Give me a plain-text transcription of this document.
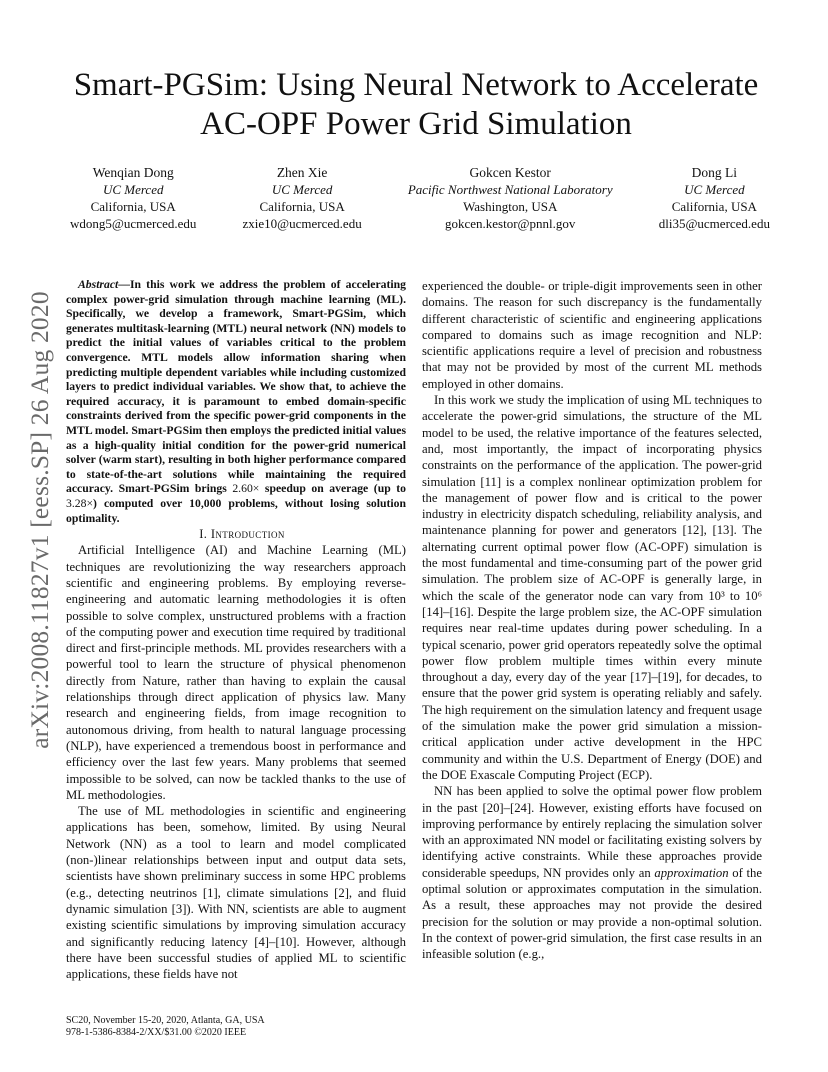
arXiv:2008.11827v1 [eess.SP] 26 Aug 2020
Smart-PGSim: Using Neural Network to Accelerate
AC-OPF Power Grid Simulation
Wenqian Dong
UC Merced
California, USA
wdong5@ucmerced.edu
Zhen Xie
UC Merced
California, USA
zxie10@ucmerced.edu
Gokcen Kestor
Pacific Northwest National Laboratory
Washington, USA
gokcen.kestor@pnnl.gov
Dong Li
UC Merced
California, USA
dli35@ucmerced.edu

Abstract—In this work we address the problem of accelerating complex power-grid simulation through machine learning (ML). Specifically, we develop a framework, Smart-PGSim, which generates multitask-learning (MTL) neural network (NN) models to predict the initial values of variables critical to the problem convergence. MTL models allow information sharing when predicting multiple dependent variables while including customized layers to predict individual variables. We show that, to achieve the required accuracy, it is paramount to embed domain-specific constraints derived from the specific power-grid components in the MTL model. Smart-PGSim then employs the predicted initial values as a high-quality initial condition for the power-grid numerical solver (warm start), resulting in both higher performance compared to state-of-the-art solutions while maintaining the required accuracy. Smart-PGSim brings 2.60× speedup on average (up to 3.28×) computed over 10,000 problems, without losing solution optimality.

I. Introduction

Artificial Intelligence (AI) and Machine Learning (ML) techniques are revolutionizing the way researchers approach scientific and engineering problems. By employing reverse-engineering and automatic learning methodologies it is often possible to solve complex, unstructured problems with a fraction of the computing power and execution time required by traditional direct and first-principle methods. ML provides researchers with a powerful tool to learn the structure of physical phenomenon directly from Nature, rather than having to explain the causal relationships through direct application of physics law. Many research and engineering fields, from image recognition to autonomous driving, from health to natural language processing (NLP), have experienced a tremendous boost in performance and efficiency over the last few years. Many problems that seemed impossible to be solved, can now be tackled thanks to the use of ML methodologies.

The use of ML methodologies in scientific and engineering applications has been, somehow, limited. By using Neural Network (NN) as a tool to learn and model complicated (non-)linear relationships between input and output data sets, scientists have shown preliminary success in some HPC problems (e.g., detecting neutrinos [1], climate simulations [2], and fluid dynamic simulation [3]). With NN, scientists are able to augment existing scientific simulations by improving simulation accuracy and significantly reducing latency [4]–[10]. However, although there have been successful studies of applied ML to scientific applications, these fields have not

experienced the double- or triple-digit improvements seen in other domains. The reason for such discrepancy is the fundamentally different characteristic of scientific and engineering applications compared to domains such as image recognition and NLP: scientific applications require a level of precision and robustness that may not be provided by most of the current ML methods employed in other domains.

In this work we study the implication of using ML techniques to accelerate the power-grid simulations, the structure of the ML model to be used, the relative importance of the features selected, and, most importantly, the impact of incorporating physics constraints on the performance of the application. The power-grid simulation [11] is a complex nonlinear optimization problem for the management of power flow and is critical to the power industry in electricity dispatch scheduling, reliability analysis, and maintenance planning for power and generators [12], [13]. The alternating current optimal power flow (AC-OPF) simulation is the most fundamental and time-consuming part of the power grid simulation. The problem size of AC-OPF is generally large, in which the scale of the generator node can vary from 10³ to 10⁶ [14]–[16]. Despite the large problem size, the AC-OPF simulation requires near real-time updates during power scheduling. In a typical scenario, power grid operators repeatedly solve the optimal power flow problem multiple times within every minute throughout a day, every day of the year [17]–[19], for decades, to ensure that the power grid system is operating reliably and safely. The high requirement on the simulation latency and frequent usage of the simulation make the power grid simulation a mission-critical application under active development in the HPC community and within the U.S. Department of Energy (DOE) and the DOE Exascale Computing Project (ECP).

NN has been applied to solve the optimal power flow problem in the past [20]–[24]. However, existing efforts have focused on improving performance by entirely replacing the simulation solver with an approximated NN model or facilitating existing solvers by identifying active constraints. While these approaches provide considerable speedups, NN provides only an approximation of the optimal solution or approximates computation in the simulation. As a result, these approaches may not provide the desired precision for the solution or may provide a non-optimal solution. In the context of power-grid simulation, the first case results in an infeasible solution (e.g.,

SC20, November 15-20, 2020, Atlanta, GA, USA
978-1-5386-8384-2/XX/$31.00 ©2020 IEEE
